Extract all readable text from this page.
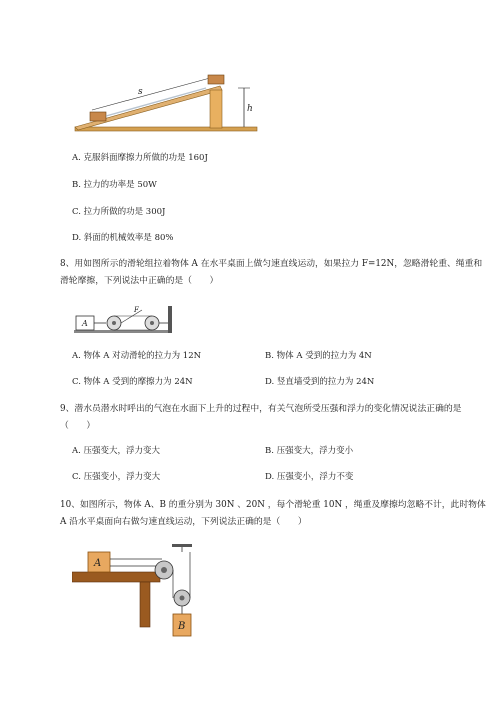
h
s
A. 克服斜面摩擦力所做的功是 160J
B. 拉力的功率是 50W
C. 拉力所做的功是 300J
D. 斜面的机械效率是 80%
8、用如图所示的滑轮组拉着物体 A 在水平桌面上做匀速直线运动，如果拉力 F=12N，忽略滑轮重、绳重和滑轮摩擦，下列说法中正确的是（　　）
A
F
A. 物体 A 对动滑轮的拉力为 12N	B. 物体 A 受到的拉力为 4N
C. 物体 A 受到的摩擦力为 24N	D. 竖直墙受到的拉力为 24N
9、潜水员潜水时呼出的气泡在水面下上升的过程中，有关气泡所受压强和浮力的变化情况说法正确的是（　　）
A. 压强变大，浮力变大	B. 压强变大，浮力变小
C. 压强变小，浮力变大	D. 压强变小，浮力不变
10、如图所示，物体 A、B 的重分别为 30N 、20N ，每个滑轮重 10N ，绳重及摩擦均忽略不计，此时物体 A 沿水平桌面向右做匀速直线运动，下列说法正确的是（　　）
A
B
